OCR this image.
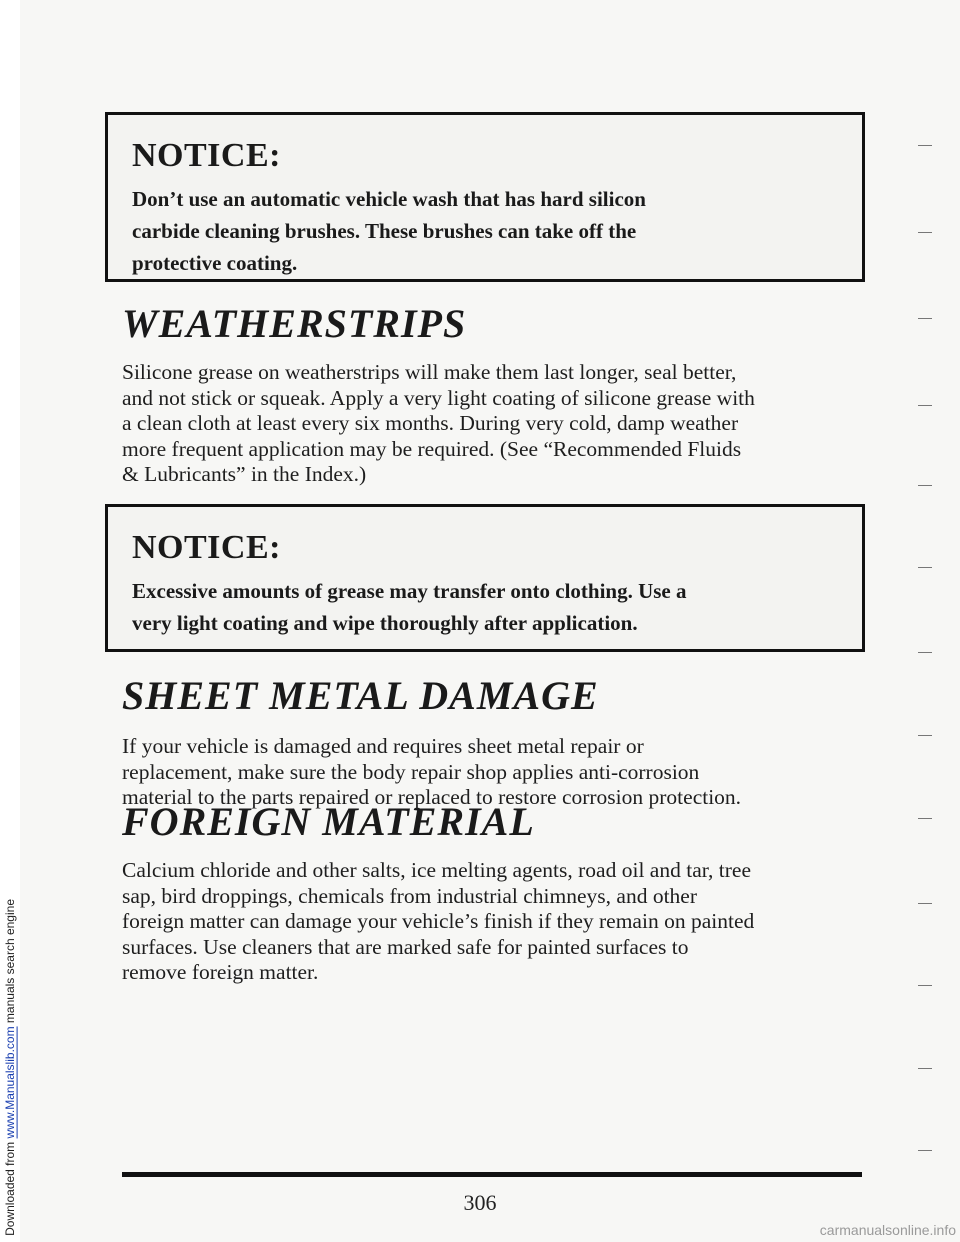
Downloaded from www.Manualslib.com manuals search engine

NOTICE:

Don’t use an automatic vehicle wash that has hard silicon

carbide cleaning brushes. These brushes can take off the

protective coating.

WEATHERSTRIPS
Silicone grease on weatherstrips will make them last longer, seal better,
and not stick or squeak. Apply a very light coating of silicone grease with
a clean cloth at least every six months. During very cold, damp weather
more frequent application may be required. (See “Recommended Fluids
& Lubricants” in the Index.)

NOTICE:

Excessive amounts of grease may transfer onto clothing. Use a

very light coating and wipe thoroughly after application.

SHEET METAL DAMAGE
If your vehicle is damaged and requires sheet metal repair or
replacement, make sure the body repair shop applies anti-corrosion
material to the parts repaired or replaced to restore corrosion protection.
FOREIGN MATERIAL
Calcium chloride and other salts, ice melting agents, road oil and tar, tree
sap, bird droppings, chemicals from industrial chimneys, and other
foreign matter can damage your vehicle’s finish if they remain on painted
surfaces. Use cleaners that are marked safe for painted surfaces to
remove foreign matter.
306
carmanualsonline.info
